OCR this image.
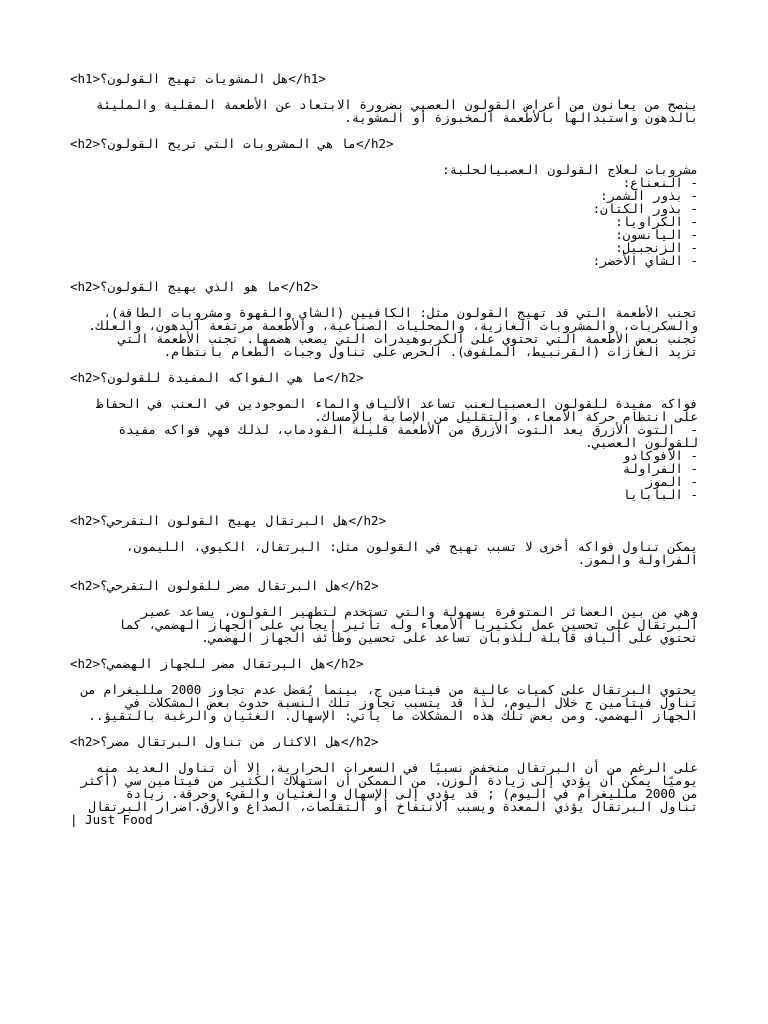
<h1>هل المشويات تهيج القولون؟</h1>
ينصح من يعانون من أعراض القولون العصبي بضرورة الابتعاد عن الأطعمة المقلية والمليئة
بالدهون واستبدالها بالأطعمة المخبوزة أو المشوية.
<h2>ما هي المشروبات التي تريح القولون؟</h2>
مشروبات لعلاج القولون العصبيالحلبة:
- النعناع:
- بذور الشمر:
- بذور الكتان:
- الكراويا:
- اليانسون:
- الزنجبيل:
- الشاي الأخضر:
<h2>ما هو الذي يهيج القولون؟</h2>
تجنب الأطعمة التي قد تهيج القولون مثل: الكافيين (الشاي والقهوة ومشروبات الطاقة)،
والسكريات، والمشروبات الغازية، والمحليات الصناعية، والأطعمة مرتفعة الدهون، والعلك.
تجنب بعض الأطعمة التي تحتوي على الكربوهيدرات التي يصعب هضمها. تجنب الأطعمة التي
تزيد الغازات (القرنبيط، الملفوف). الحرص على تناول وجبات الطعام بانتظام.
<h2>ما هي الفواكه المفيدة للقولون؟</h2>
فواكه مفيدة للقولون العصبيالعنب تساعد الألياف والماء الموجودين في العنب في الحفاظ
على انتظام حركة الأمعاء، والتقليل من الإصابة بالإمساك.
-  التوت الأزرق يعد التوت الأزرق من الأطعمة قليلة الفودماب، لذلك فهي فواكه مفيدة
للقولون العصبي.
- الأفوكادو
- الفراولة
- الموز
- البابايا
<h2>هل البرتقال يهيج القولون التقرحي؟</h2>
يمكن تناول فواكه أخرى لا تسبب تهيج في القولون مثل: البرتقال، الكيوي، الليمون،
الفراولة والموز.
<h2>هل البرتقال مضر للقولون التقرحي؟</h2>
وهي من بين العصائر المتوفرة بسهولة والتي تستخدم لتطهير القولون، يساعد عصير
البرتقال على تحسين عمل بكتيريا الأمعاء وله تأثير إيجابي على الجهاز الهضمي، كما
تحتوي على ألياف قابلة للذوبان تساعد على تحسين وظائف الجهاز الهضمي.
<h2>هل البرتقال مضر للجهاز الهضمي؟</h2>
يحتوي البرتقال على كميات عالية من فيتامين ج، بينما يُفضل عدم تجاوز 2000 ملليغرام من
تناول فيتامين ج خلال اليوم، لذا قد يتسبب تجاوز تلك النسبة حدوث بعض المشكلات في
الجهاز الهضمي. ومن بعض تلك هذه المشكلات ما يأتي: الإسهال. الغثيان والرغبة بالتقيؤ..
<h2>هل الاكثار من تناول البرتقال مضر؟</h2>
على الرغم من أن البرتقال منخفض نسبيًا في السعرات الحرارية، إلا أن تناول العديد منه
يوميًا يمكن أن يؤدي إلى زيادة الوزن. من الممكن أن استهلاك الكثير من فيتامين سي (أكثر
من 2000 ملليغرام في اليوم) ; قد يؤدي إلى الإسهال والغثيان والقيء وحرقة. زيادة
تناول البرتقال يؤذي المعدة ويسبب الانتفاخ أو التقلصات، الصداع والأرق.اضرار البرتقال
| Just Food
